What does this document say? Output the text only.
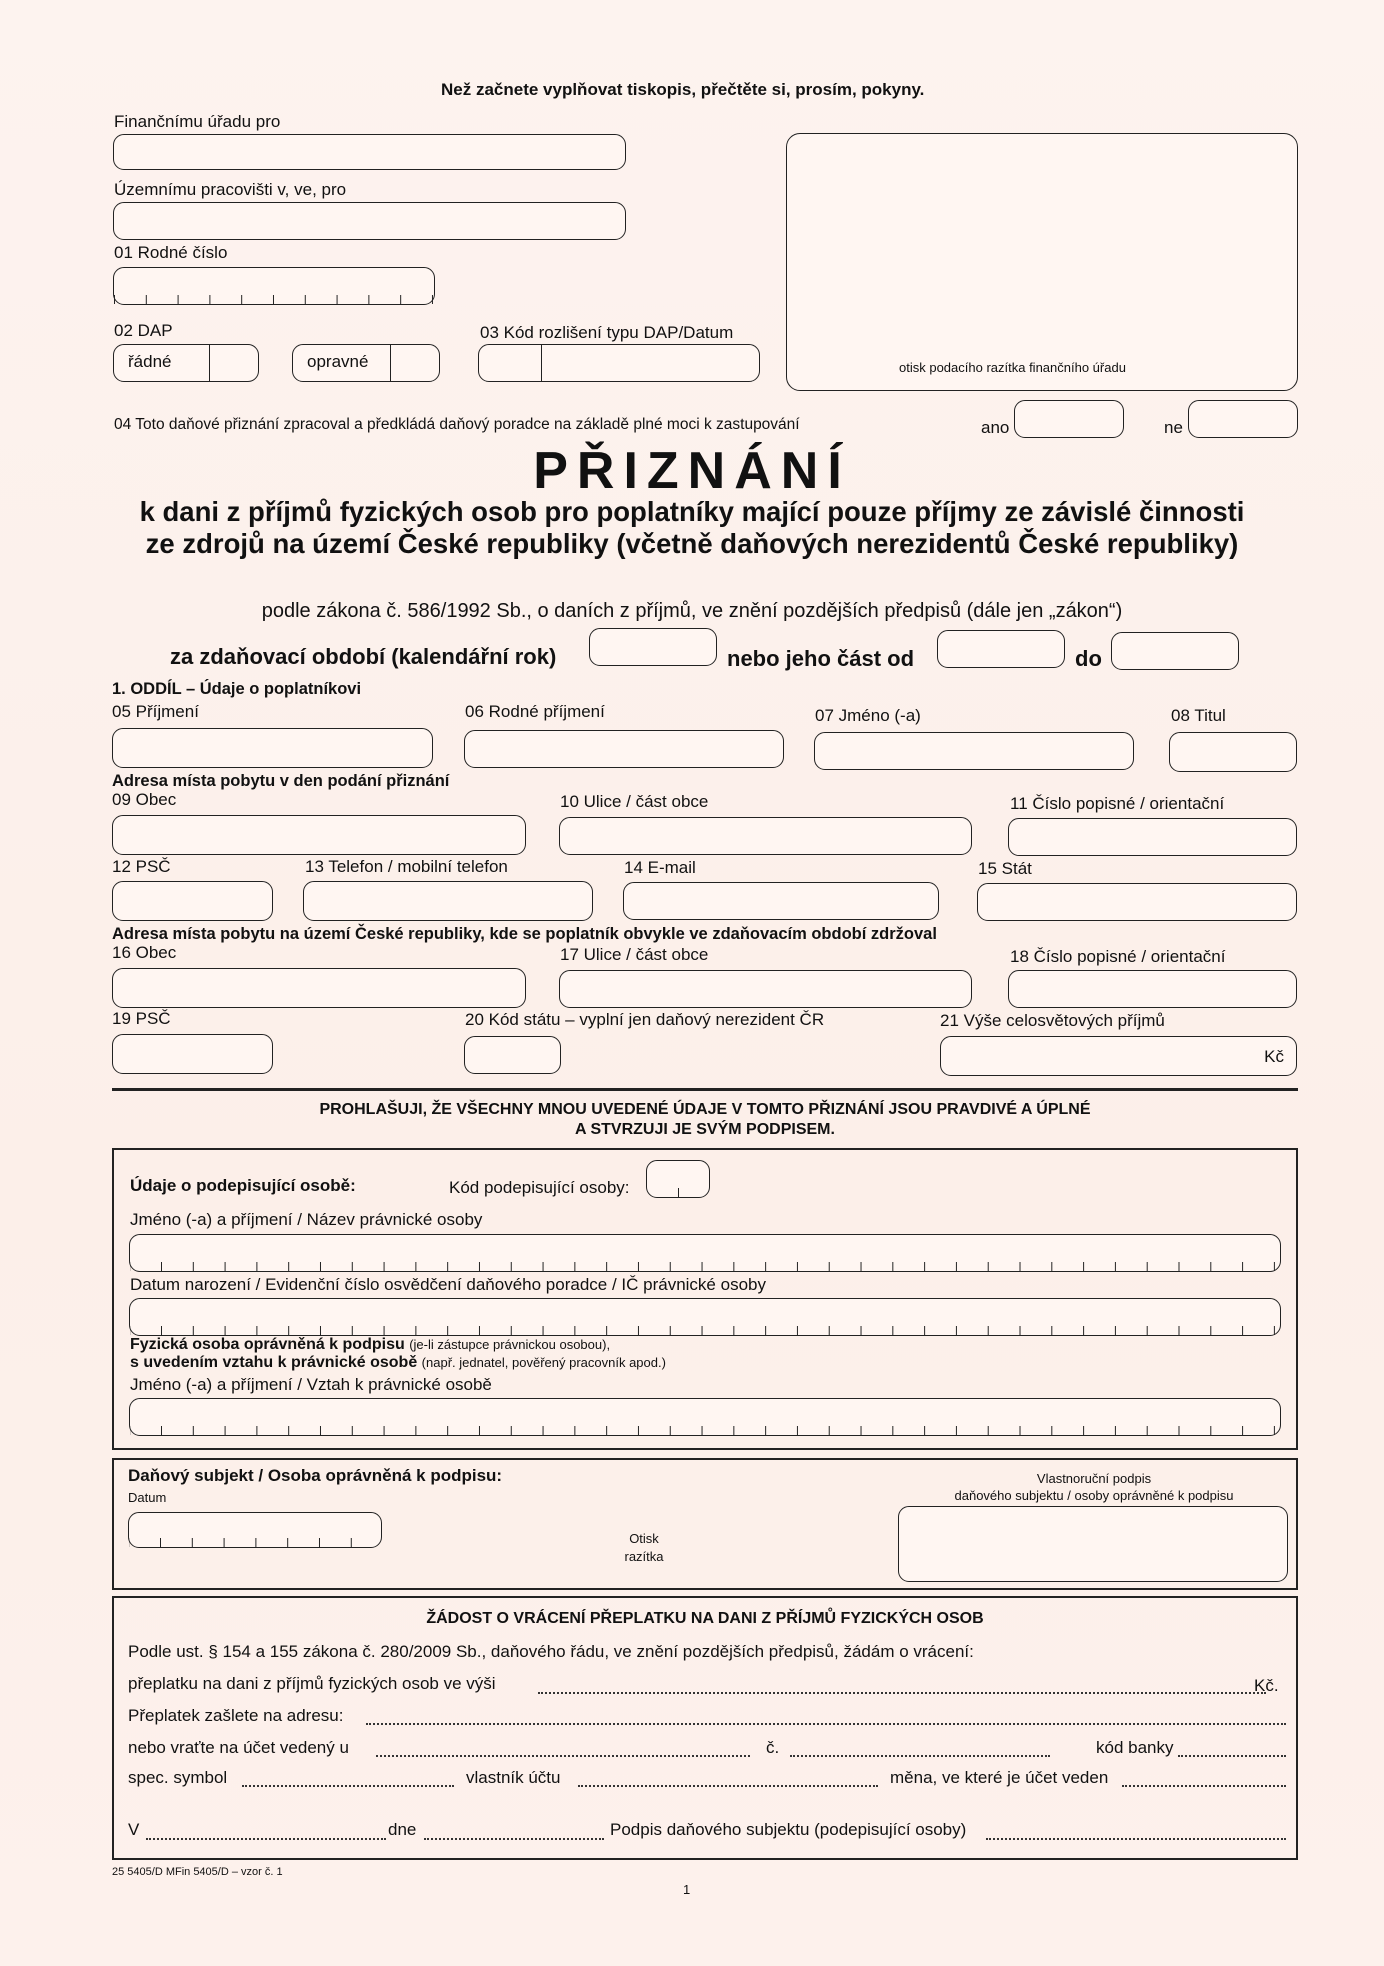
Než začnete vyplňovat tiskopis, přečtěte si, prosím, pokyny.
Finančnímu úřadu pro
Územnímu pracovišti v, ve, pro
01 Rodné číslo
02 DAP
řádné	opravné
03 Kód rozlišení typu DAP/Datum
otisk podacího razítka finančního úřadu
04 Toto daňové přiznání zpracoval a předkládá daňový poradce na základě plné moci k zastupování	ano	ne
PŘIZNÁNÍ
k dani z příjmů fyzických osob pro poplatníky mající pouze příjmy ze závislé činnosti ze zdrojů na území České republiky (včetně daňových nerezidentů České republiky)
podle zákona č. 586/1992 Sb., o daních z příjmů, ve znění pozdějších předpisů (dále jen „zákon“)
za zdaňovací období (kalendářní rok)	nebo jeho část od	do
1. ODDÍL – Údaje o poplatníkovi
05 Příjmení	06 Rodné příjmení	07 Jméno (-a)	08 Titul
Adresa místa pobytu v den podání přiznání
09 Obec	10 Ulice / část obce	11 Číslo popisné / orientační
12 PSČ	13 Telefon / mobilní telefon	14 E-mail	15 Stát
Adresa místa pobytu na území České republiky, kde se poplatník obvykle ve zdaňovacím období zdržoval
16 Obec	17 Ulice / část obce	18 Číslo popisné / orientační
19 PSČ	20 Kód státu – vyplní jen daňový nerezident ČR	21 Výše celosvětových příjmů
Kč
PROHLAŠUJI, ŽE VŠECHNY MNOU UVEDENÉ ÚDAJE V TOMTO PŘIZNÁNÍ JSOU PRAVDIVÉ A ÚPLNÉ
A STVRZUJI JE SVÝM PODPISEM.
Údaje o podepisující osobě:	Kód podepisující osoby:
Jméno (-a) a příjmení / Název právnické osoby
Datum narození / Evidenční číslo osvědčení daňového poradce / IČ právnické osoby
Fyzická osoba oprávněná k podpisu (je-li zástupce právnickou osobou),
s uvedením vztahu k právnické osobě (např. jednatel, pověřený pracovník apod.)
Jméno (-a) a příjmení / Vztah k právnické osobě
Daňový subjekt / Osoba oprávněná k podpisu:
Datum
Otisk
razítka
Vlastnoruční podpis
daňového subjektu / osoby oprávněné k podpisu
ŽÁDOST O VRÁCENÍ PŘEPLATKU NA DANI Z PŘÍJMŮ FYZICKÝCH OSOB
Podle ust. § 154 a 155 zákona č. 280/2009 Sb., daňového řádu, ve znění pozdějších předpisů, žádám o vrácení:
přeplatku na dani z příjmů fyzických osob ve výši	Kč.
Přeplatek zašlete na adresu:
nebo vraťte na účet vedený u	č.	kód banky
spec. symbol	vlastník účtu	měna, ve které je účet veden
V	dne	Podpis daňového subjektu (podepisující osoby)
25 5405/D MFin 5405/D – vzor č. 1
1
